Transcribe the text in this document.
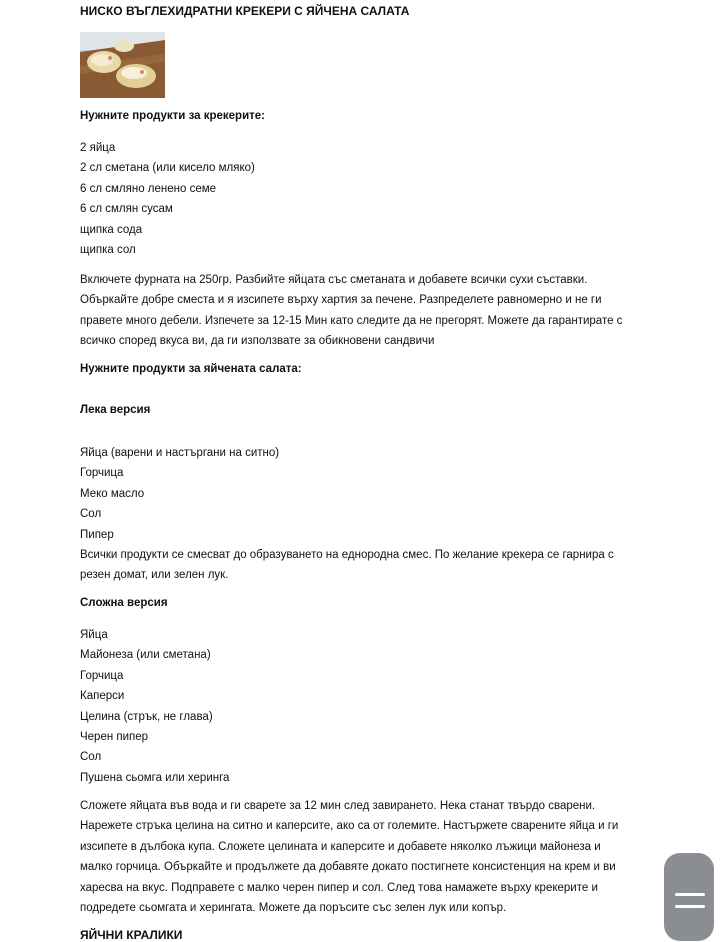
НИСКО ВЪГЛЕХИДРАТНИ КРЕКЕРИ С ЯЙЧЕНА САЛАТА
Нужните продукти за крекерите:
2 яйца
2 сл сметана (или кисело мляко)
6 сл смляно ленено семе
6 сл смлян сусам
щипка сода
щипка сол
Включете фурната на 250гр. Разбийте яйцата със сметаната и добавете всички сухи съставки.
Объркайте добре сместа и я изсипете върху хартия за печене. Разпределете равномерно и не ги
правете много дебели. Изпечете за 12-15 Мин като следите да не прегорят. Можете да гарантирате с
всичко според вкуса ви, да ги използвате за обикновени сандвичи
Нужните продукти за яйчената салата:
Лека версия
Яйца (варени и настъргани на ситно)
Горчица
Меко масло
Сол
Пипер
Всички продукти се смесват до образуването на еднородна смес. По желание крекера се гарнира с
резен домат, или зелен лук.
Сложна версия
Яйца
Майонеза (или сметана)
Горчица
Каперси
Целина (стрък, не глава)
Черен пипер
Сол
Пушена сьомга или херинга
Сложете яйцата във вода и ги сварете за 12 мин след завирането. Нека станат твърдо сварени.
Нарежете стръка целина на ситно и каперсите, ако са от големите. Настържете сварените яйца и ги
изсипете в дълбока купа. Сложете целината и каперсите и добавете няколко лъжици майонеза и
малко горчица. Объркайте и продължете да добавяте докато постигнете консистенция на крем и ви
харесва на вкус. Подправете с малко черен пипер и сол. След това намажете върху крекерите и
подредете сьомгата и херингата. Можете да поръсите със зелен лук или копър.
ЯЙЧНИ КРАЛИКИ
